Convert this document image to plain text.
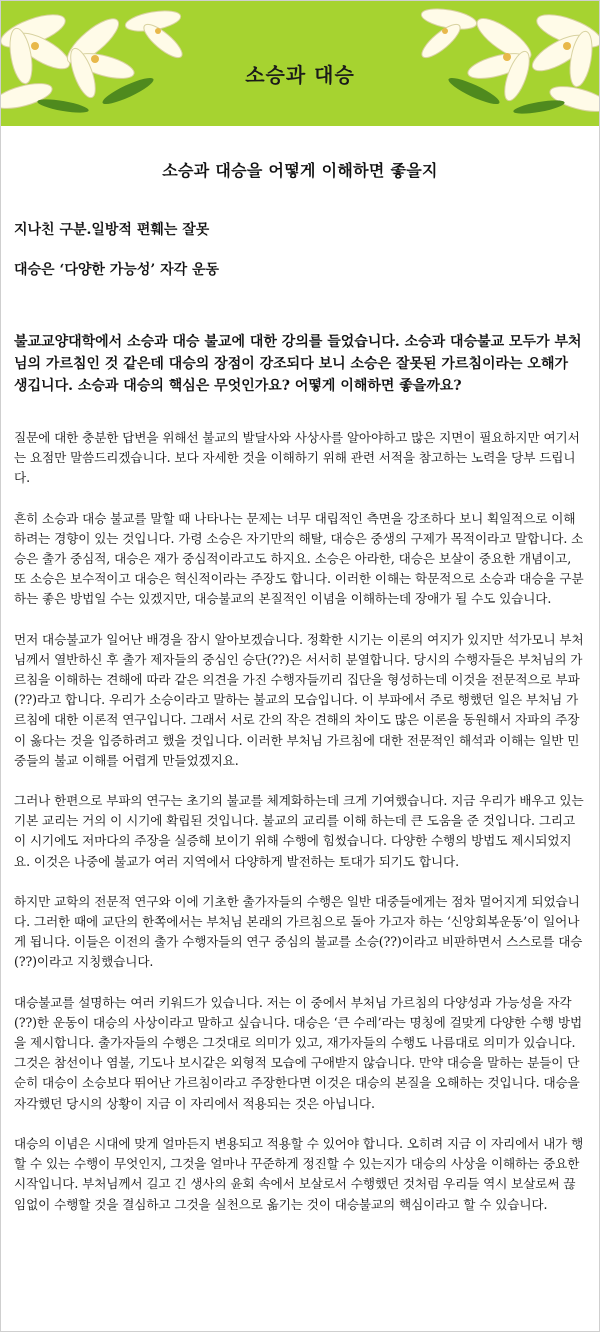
소승과 대승
소승과 대승을 어떻게 이해하면 좋을지
지나친 구분.일방적 편훼는 잘못
대승은 ‘다양한 가능성’ 자각 운동
불교교양대학에서 소승과 대승 불교에 대한 강의를 들었습니다. 소승과 대승불교 모두가 부처님의 가르침인 것 같은데 대승의 장점이 강조되다 보니 소승은 잘못된 가르침이라는 오해가 생깁니다. 소승과 대승의 핵심은 무엇인가요? 어떻게 이해하면 좋을까요?

질문에 대한 충분한 답변을 위해선 불교의 발달사와 사상사를 알아야하고 많은 지면이 필요하지만 여기서는 요점만 말씀드리겠습니다. 보다 자세한 것을 이해하기 위해 관련 서적을 참고하는 노력을 당부 드립니다.

흔히 소승과 대승 불교를 말할 때 나타나는 문제는 너무 대립적인 측면을 강조하다 보니 획일적으로 이해하려는 경향이 있는 것입니다. 가령 소승은 자기만의 해탈, 대승은 중생의 구제가 목적이라고 말합니다. 소승은 출가 중심적, 대승은 재가 중심적이라고도 하지요. 소승은 아라한, 대승은 보살이 중요한 개념이고, 또 소승은 보수적이고 대승은 혁신적이라는 주장도 합니다. 이러한 이해는 학문적으로 소승과 대승을 구분하는 좋은 방법일 수는 있겠지만, 대승불교의 본질적인 이념을 이해하는데 장애가 될 수도 있습니다.

먼저 대승불교가 일어난 배경을 잠시 알아보겠습니다. 정확한 시기는 이론의 여지가 있지만 석가모니 부처님께서 열반하신 후 출가 제자들의 중심인 승단(??)은 서서히 분열합니다. 당시의 수행자들은 부처님의 가르침을 이해하는 견해에 따라 같은 의견을 가진 수행자들끼리 집단을 형성하는데 이것을 전문적으로 부파(??)라고 합니다. 우리가 소승이라고 말하는 불교의 모습입니다. 이 부파에서 주로 행했던 일은 부처님 가르침에 대한 이론적 연구입니다. 그래서 서로 간의 작은 견해의 차이도 많은 이론을 동원해서 자파의 주장이 옳다는 것을 입증하려고 했을 것입니다. 이러한 부처님 가르침에 대한 전문적인 해석과 이해는 일반 민중들의 불교 이해를 어렵게 만들었겠지요.

그러나 한편으로 부파의 연구는 초기의 불교를 체계화하는데 크게 기여했습니다. 지금 우리가 배우고 있는 기본 교리는 거의 이 시기에 확립된 것입니다. 불교의 교리를 이해 하는데 큰 도움을 준 것입니다. 그리고 이 시기에도 저마다의 주장을 실증해 보이기 위해 수행에 힘썼습니다. 다양한 수행의 방법도 제시되었지요. 이것은 나중에 불교가 여러 지역에서 다양하게 발전하는 토대가 되기도 합니다.

하지만 교학의 전문적 연구와 이에 기초한 출가자들의 수행은 일반 대중들에게는 점차 멀어지게 되었습니다. 그러한 때에 교단의 한쪽에서는 부처님 본래의 가르침으로 돌아 가고자 하는 ‘신앙회복운동’이 일어나게 됩니다. 이들은 이전의 출가 수행자들의 연구 중심의 불교를 소승(??)이라고 비판하면서 스스로를 대승(??)이라고 지칭했습니다.

대승불교를 설명하는 여러 키워드가 있습니다. 저는 이 중에서 부처님 가르침의 다양성과 가능성을 자각(??)한 운동이 대승의 사상이라고 말하고 싶습니다. 대승은 ‘큰 수레’라는 명칭에 걸맞게 다양한 수행 방법을 제시합니다. 출가자들의 수행은 그것대로 의미가 있고, 재가자들의 수행도 나름대로 의미가 있습니다. 그것은 참선이나 염불, 기도나 보시같은 외형적 모습에 구애받지 않습니다. 만약 대승을 말하는 분들이 단순히 대승이 소승보다 뛰어난 가르침이라고 주장한다면 이것은 대승의 본질을 오해하는 것입니다. 대승을 자각했던 당시의 상황이 지금 이 자리에서 적용되는 것은 아닙니다.

대승의 이념은 시대에 맞게 얼마든지 변용되고 적용할 수 있어야 합니다. 오히려 지금 이 자리에서 내가 행할 수 있는 수행이 무엇인지, 그것을 얼마나 꾸준하게 정진할 수 있는지가 대승의 사상을 이해하는 중요한 시작입니다. 부처님께서 길고 긴 생사의 윤회 속에서 보살로서 수행했던 것처럼 우리들 역시 보살로써 끊임없이 수행할 것을 결심하고 그것을 실천으로 옮기는 것이 대승불교의 핵심이라고 할 수 있습니다.
